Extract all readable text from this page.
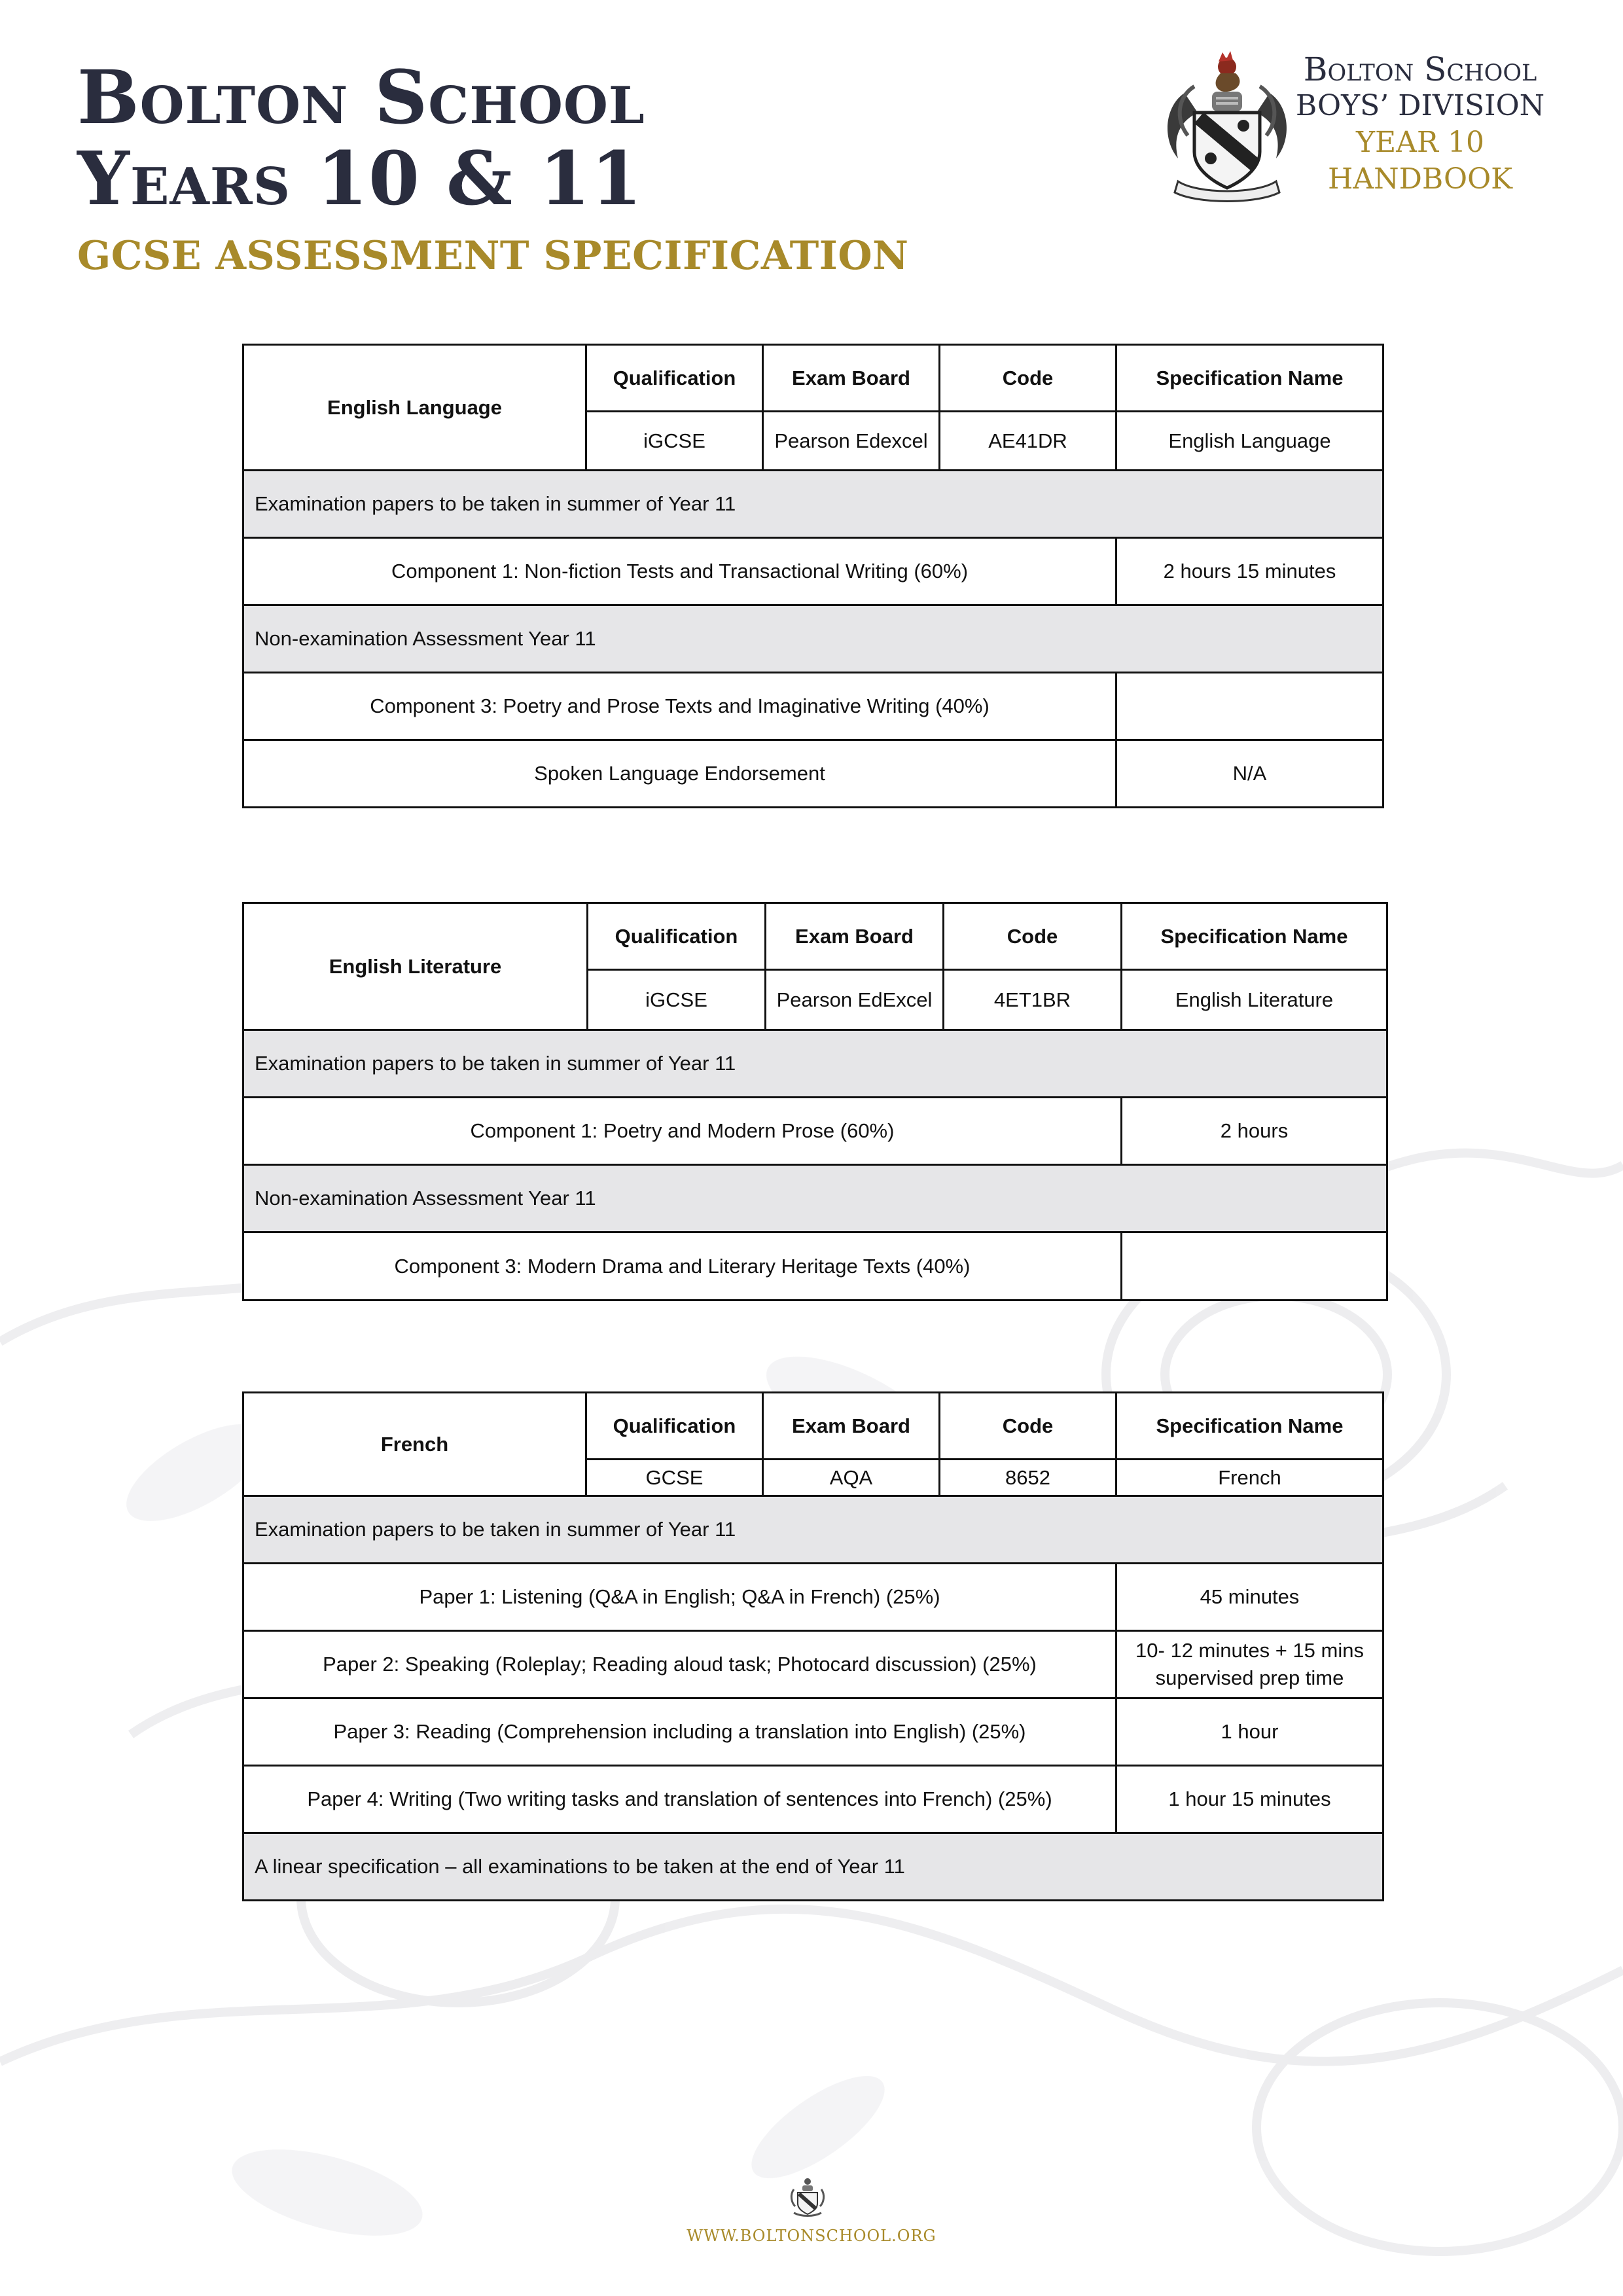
Bolton School
Years 10 & 11
GCSE ASSESSMENT SPECIFICATION
Bolton School
BOYS’ DIVISION
YEAR 10
HANDBOOK
English Language	Qualification	Exam Board	Code	Specification Name
	iGCSE	Pearson Edexcel	AE41DR	English Language
Examination papers to be taken in summer of Year 11				
Component 1: Non-fiction Tests and Transactional Writing (60%)				2 hours 15 minutes
Non-examination Assessment Year 11				
Component 3: Poetry and Prose Texts and Imaginative Writing (40%)				
Spoken Language Endorsement				N/A
English Literature	Qualification	Exam Board	Code	Specification Name
	iGCSE	Pearson EdExcel	4ET1BR	English Literature
Examination papers to be taken in summer of Year 11				
Component 1: Poetry and Modern Prose (60%)				2 hours
Non-examination Assessment Year 11				
Component 3: Modern Drama and Literary Heritage Texts (40%)				
French	Qualification	Exam Board	Code	Specification Name
	GCSE	AQA	8652	French
Examination papers to be taken in summer of Year 11				
Paper 1: Listening (Q&A in English; Q&A in French) (25%)				45 minutes
Paper 2: Speaking (Roleplay; Reading aloud task; Photocard discussion) (25%)				10- 12 minutes + 15 mins
supervised prep time

Paper 3: Reading (Comprehension including a translation into English) (25%)				1 hour
Paper 4: Writing (Two writing tasks and translation of sentences into French) (25%)				1 hour 15 minutes
A linear specification – all examinations to be taken at the end of Year 11				
WWW.BOLTONSCHOOL.ORG
